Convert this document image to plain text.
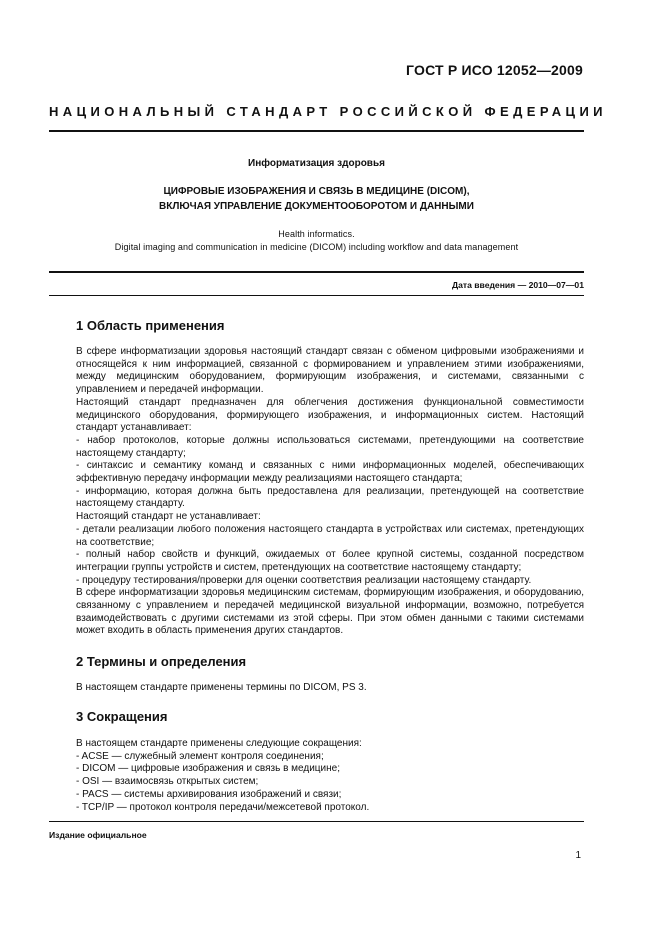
ГОСТ Р ИСО 12052—2009
НАЦИОНАЛЬНЫЙ СТАНДАРТ РОССИЙСКОЙ ФЕДЕРАЦИИ
Информатизация здоровья
ЦИФРОВЫЕ ИЗОБРАЖЕНИЯ И СВЯЗЬ В МЕДИЦИНЕ (DICOM),
ВКЛЮЧАЯ УПРАВЛЕНИЕ ДОКУМЕНТООБОРОТОМ И ДАННЫМИ
Health informatics.
Digital imaging and communication in medicine (DICOM) including workflow and data management
Дата введения — 2010—07—01
1 Область применения

В сфере информатизации здоровья настоящий стандарт связан с обменом цифровыми изображениями и относящейся к ним информацией, связанной с формированием и управлением этими изображениями, между медицинским оборудованием, формирующим изображения, и системами, связанными с управлением и передачей информации.

Настоящий стандарт предназначен для облегчения достижения функциональной совместимости медицинского оборудования, формирующего изображения, и информационных систем. Настоящий стандарт устанавливает:

- набор протоколов, которые должны использоваться системами, претендующими на соответствие настоящему стандарту;

- синтаксис и семантику команд и связанных с ними информационных моделей, обеспечивающих эффективную передачу информации между реализациями настоящего стандарта;

- информацию, которая должна быть предоставлена для реализации, претендующей на соответствие настоящему стандарту.

Настоящий стандарт не устанавливает:

- детали реализации любого положения настоящего стандарта в устройствах или системах, претендующих на соответствие;

- полный набор свойств и функций, ожидаемых от более крупной системы, созданной посредством интеграции группы устройств и систем, претендующих на соответствие настоящему стандарту;

- процедуру тестирования/проверки для оценки соответствия реализации настоящему стандарту.

В сфере информатизации здоровья медицинским системам, формирующим изображения, и оборудованию, связанному с управлением и передачей медицинской визуальной информации, возможно, потребуется взаимодействовать с другими системами из этой сферы. При этом обмен данными с такими системами может входить в область применения других стандартов.

2 Термины и определения

В настоящем стандарте применены термины по DICOM, PS 3.

3 Сокращения

В настоящем стандарте применены следующие сокращения:

- ACSE — служебный элемент контроля соединения;

- DICOM — цифровые изображения и связь в медицине;

- OSI — взаимосвязь открытых систем;

- PACS — системы архивирования изображений и связи;

- TCP/IP — протокол контроля передачи/межсетевой протокол.

Издание официальное
1
